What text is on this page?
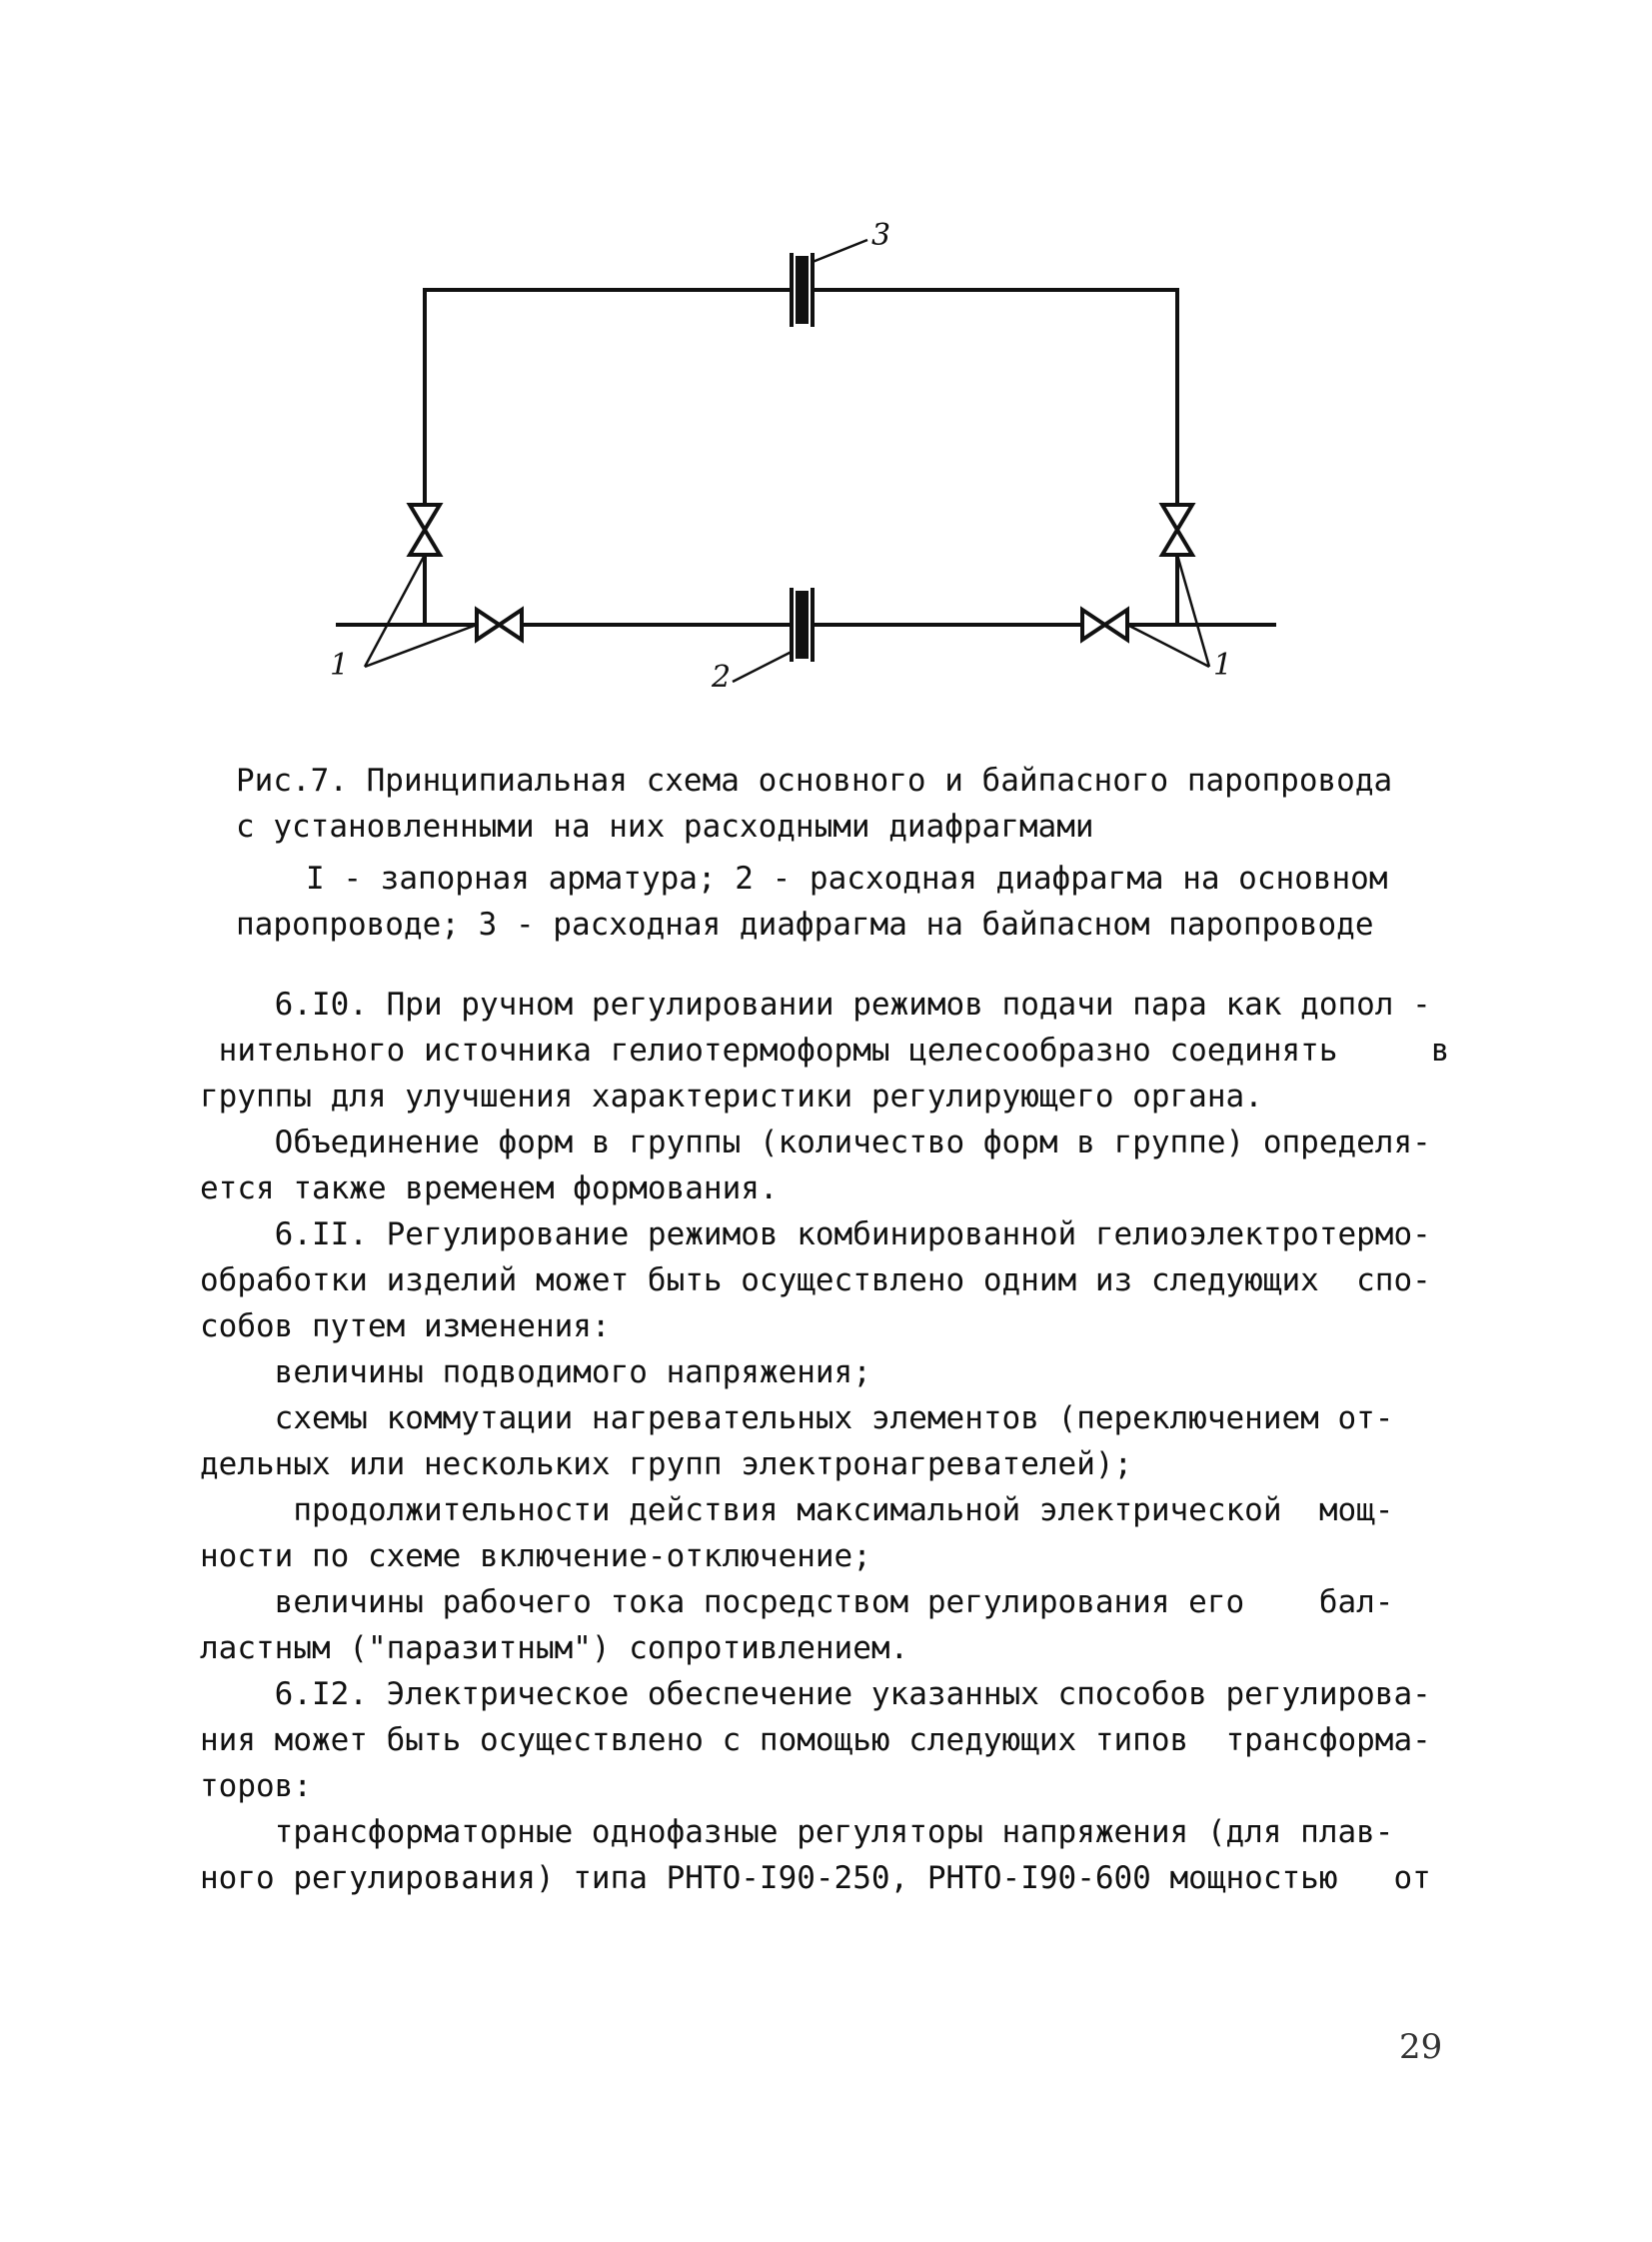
1	2
3
1
Рис.7. Принципиальная схема основного и байпасного паропровода
с установленными на них расходными диафрагмами
I - запорная арматура; 2 - расходная диафрагма на основном
паропроводе; 3 - расходная диафрагма на байпасном паропроводе
6.I0. При ручном регулировании режимов подачи пара как допол -
нительного источника гелиотермоформы целесообразно соединять     в
группы для улучшения характеристики регулирующего органа.
Объединение форм в группы (количество форм в группе) определя-
ется также временем формования.
6.II. Регулирование режимов комбинированной гелиоэлектротермо-
обработки изделий может быть осуществлено одним из следующих  спо-
собов путем изменения:
величины подводимого напряжения;
схемы коммутации нагревательных элементов (переключением от-
дельных или нескольких групп электронагревателей);
продолжительности действия максимальной электрической  мощ-
ности по схеме включение-отключение;
величины рабочего тока посредством регулирования его    бал-
ластным ("паразитным") сопротивлением.
6.I2. Электрическое обеспечение указанных способов регулирова-
ния может быть осуществлено с помощью следующих типов  трансформа-
торов:
трансформаторные однофазные регуляторы напряжения (для плав-
ного регулирования) типа РНТО-I90-250, РНТО-I90-600 мощностью   от
29
